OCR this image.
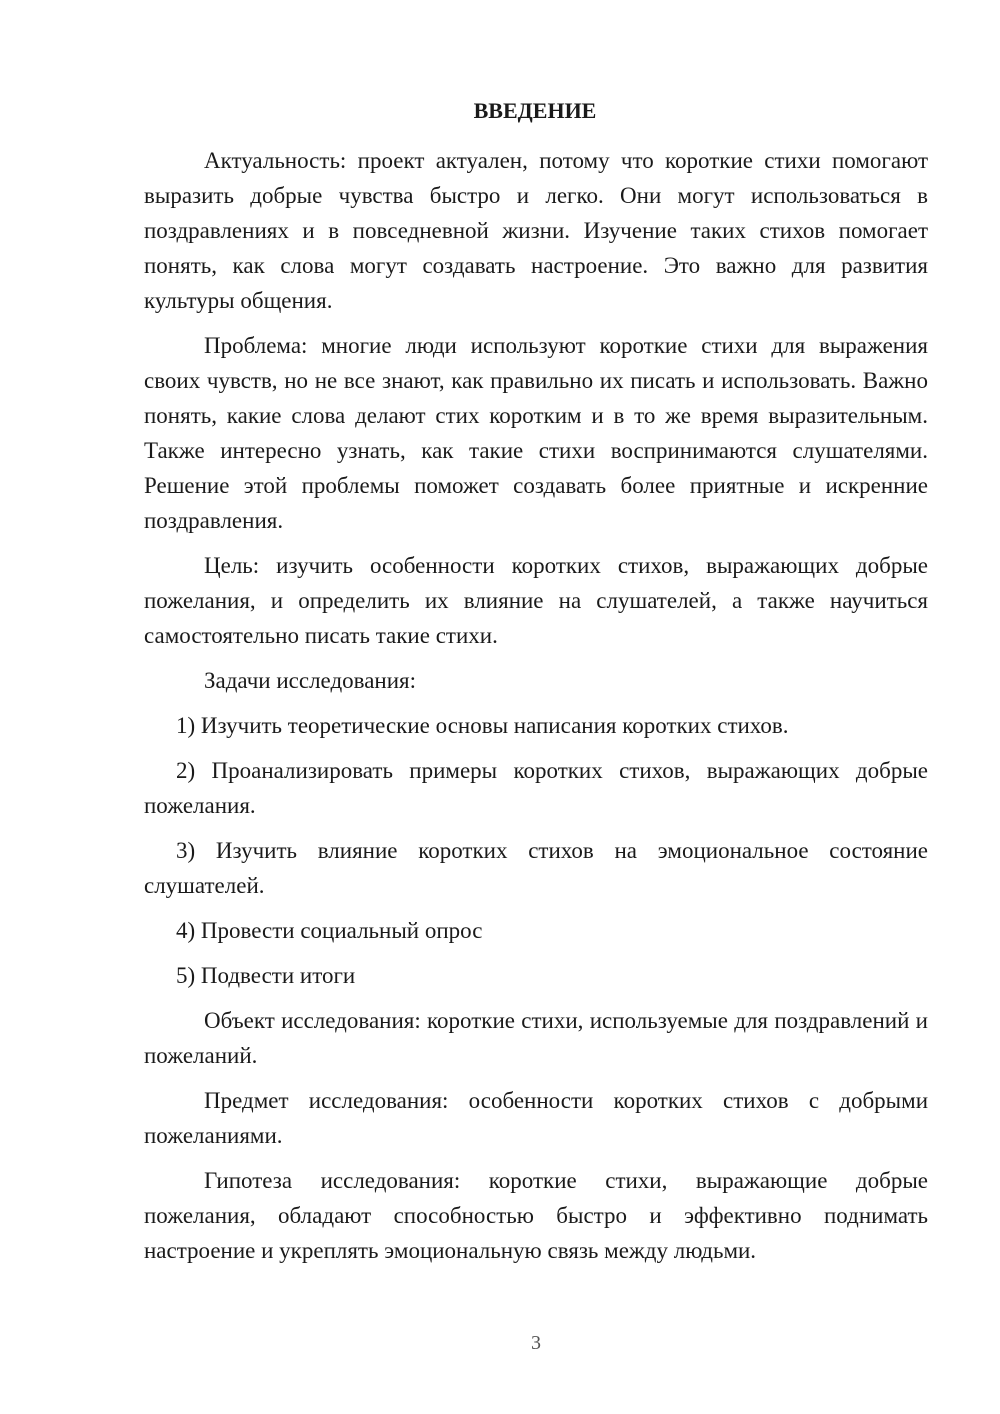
ВВЕДЕНИЕ

Актуальность: проект актуален, потому что короткие стихи помогают выразить добрые чувства быстро и легко. Они могут использоваться в поздравлениях и в повседневной жизни. Изучение таких стихов помогает понять, как слова могут создавать настроение. Это важно для развития культуры общения.

Проблема: многие люди используют короткие стихи для выражения своих чувств, но не все знают, как правильно их писать и использовать. Важно понять, какие слова делают стих коротким и в то же время выразительным. Также интересно узнать, как такие стихи воспринимаются слушателями. Решение этой проблемы поможет создавать более приятные и искренние поздравления.

Цель: изучить особенности коротких стихов, выражающих добрые пожелания, и определить их влияние на слушателей, а также научиться самостоятельно писать такие стихи.

Задачи исследования:

1) Изучить теоретические основы написания коротких стихов.

2) Проанализировать примеры коротких стихов, выражающих добрые пожелания.

3) Изучить влияние коротких стихов на эмоциональное состояние слушателей.

4) Провести социальный опрос

5) Подвести итоги

Объект исследования: короткие стихи, используемые для поздравлений и пожеланий.

Предмет исследования: особенности коротких стихов с добрыми пожеланиями.

Гипотеза исследования: короткие стихи, выражающие добрые пожелания, обладают способностью быстро и эффективно поднимать настроение и укреплять эмоциональную связь между людьми.

3
